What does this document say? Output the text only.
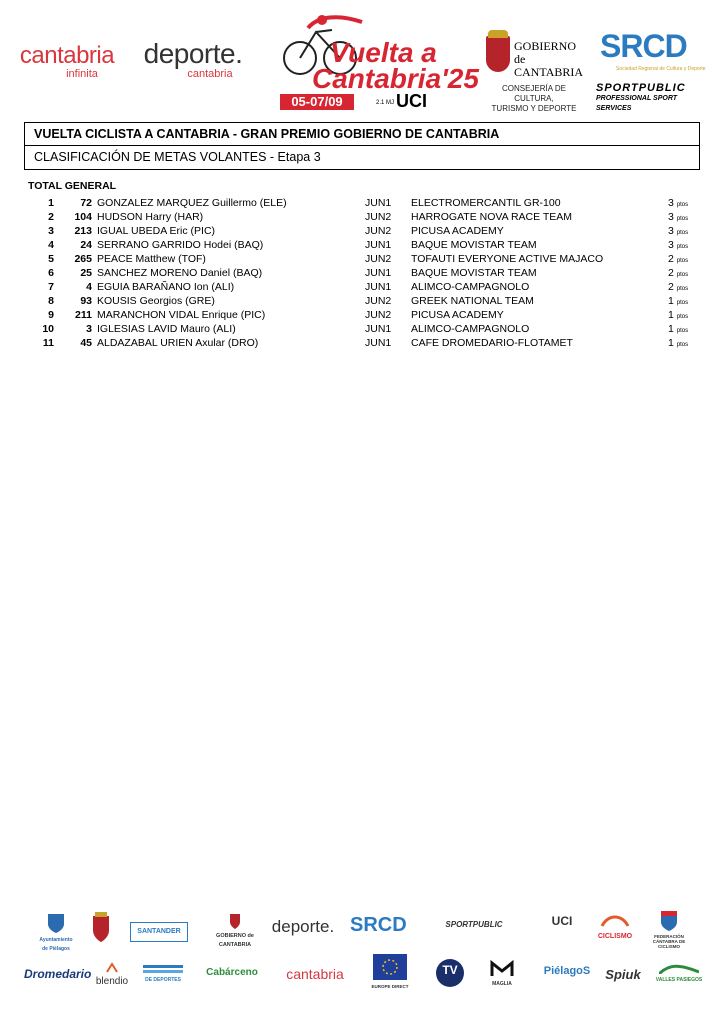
cantabria
infinita
deporte.
cantabria
Vuelta a
Cantabria'25
05-07/09	2.1 MJ UCI
GOBIERNO
de
CANTABRIA
CONSEJERÍA DE CULTURA,
TURISMO Y DEPORTE
SRCD
Sociedad Regional de Cultura y Deporte
SPORTPUBLIC
PROFESSIONAL SPORT SERVICES
VUELTA CICLISTA A CANTABRIA - GRAN PREMIO GOBIERNO DE CANTABRIA
CLASIFICACIÓN DE METAS VOLANTES - Etapa 3
TOTAL GENERAL
1	72 GONZALEZ MARQUEZ Guillermo (ELE)	JUN1 ELECTROMERCANTIL GR-100	3 ptos
2	104 HUDSON Harry (HAR)	JUN2 HARROGATE NOVA RACE TEAM	3 ptos
3	213 IGUAL UBEDA Eric (PIC)	JUN2 PICUSA ACADEMY	3 ptos
4	24 SERRANO GARRIDO Hodei (BAQ)	JUN1 BAQUE MOVISTAR TEAM	3 ptos
5	265 PEACE Matthew (TOF)	JUN2 TOFAUTI EVERYONE ACTIVE MAJACO	2 ptos
6	25 SANCHEZ MORENO Daniel (BAQ)	JUN1 BAQUE MOVISTAR TEAM	2 ptos
7	4 EGUIA BARAÑANO Ion (ALI)	JUN1 ALIMCO-CAMPAGNOLO	2 ptos
8	93 KOUSIS Georgios (GRE)	JUN2 GREEK NATIONAL TEAM	1 ptos
9	211 MARANCHON VIDAL Enrique (PIC)	JUN2 PICUSA ACADEMY	1 ptos
10	3 IGLESIAS LAVID Mauro (ALI)	JUN1 ALIMCO-CAMPAGNOLO	1 ptos
11	45 ALDAZABAL URIEN Axular (DRO)	JUN1 CAFE DROMEDARIO-FLOTAMET	1 ptos
Ayuntamiento de Piélagos
SANTANDER
GOBIERNO de CANTABRIA
deporte. SRCD	SPORTPUBLIC	UCI
CICLISMO	FEDERACIÓN CÁNTABRA DE CICLISMO
Dromedario
blendio	DE DEPORTES
Cabárceno	cantabria
EUROPE DIRECT
TV
MAGLIA
PiélagoS	Spiuk	VALLES PASIEGOS
